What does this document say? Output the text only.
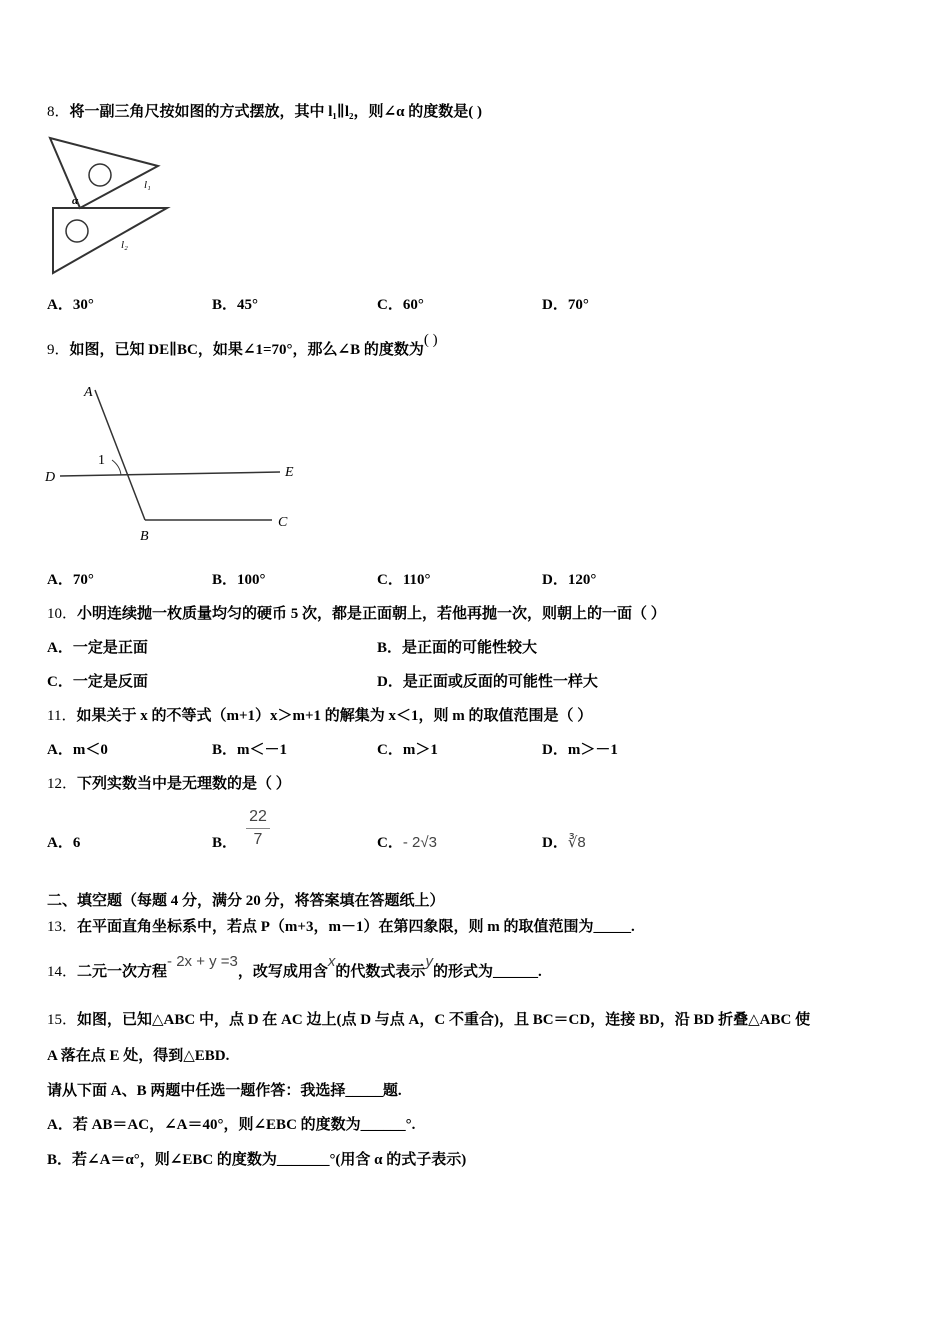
8．将一副三角尺按如图的方式摆放，其中 l₁∥l₂，则∠α 的度数是( )
α
l₁
l₂
A．30°	B．45°	C．60°	D．70°
9．如图，已知 DE∥BC，如果∠1=70°，那么∠B 的度数为( )
A
D	E
B
C
1
A．70°	B．100°	C．110°	D．120°
10．小明连续抛一枚质量均匀的硬币 5 次，都是正面朝上，若他再抛一次，则朝上的一面（ ）
A．一定是正面	B．是正面的可能性较大
C．一定是反面	D．是正面或反面的可能性一样大
11．如果关于 x 的不等式（m+1）x＞m+1 的解集为 x＜1，则 m 的取值范围是（ ）
A．m＜0	B．m＜－1	C．m＞1	D．m＞－1
12．下列实数当中是无理数的是（ ）
A．6	B．
22
7	C．- 2√3	D．∛8
二、填空题（每题 4 分，满分 20 分，将答案填在答题纸上）
13．在平面直角坐标系中，若点 P（m+3，m－1）在第四象限，则 m 的取值范围为_____.
14．二元一次方程- 2x + y =3，改写成用含x的代数式表示y的形式为______.
15．如图，已知△ABC 中，点 D 在 AC 边上(点 D 与点 A，C 不重合)，且 BC＝CD，连接 BD，沿 BD 折叠△ABC 使
A 落在点 E 处，得到△EBD.
请从下面 A、B 两题中任选一题作答：我选择_____题.
A．若 AB＝AC，∠A＝40°，则∠EBC 的度数为______°.
B．若∠A＝α°，则∠EBC 的度数为_______°(用含 α 的式子表示)
